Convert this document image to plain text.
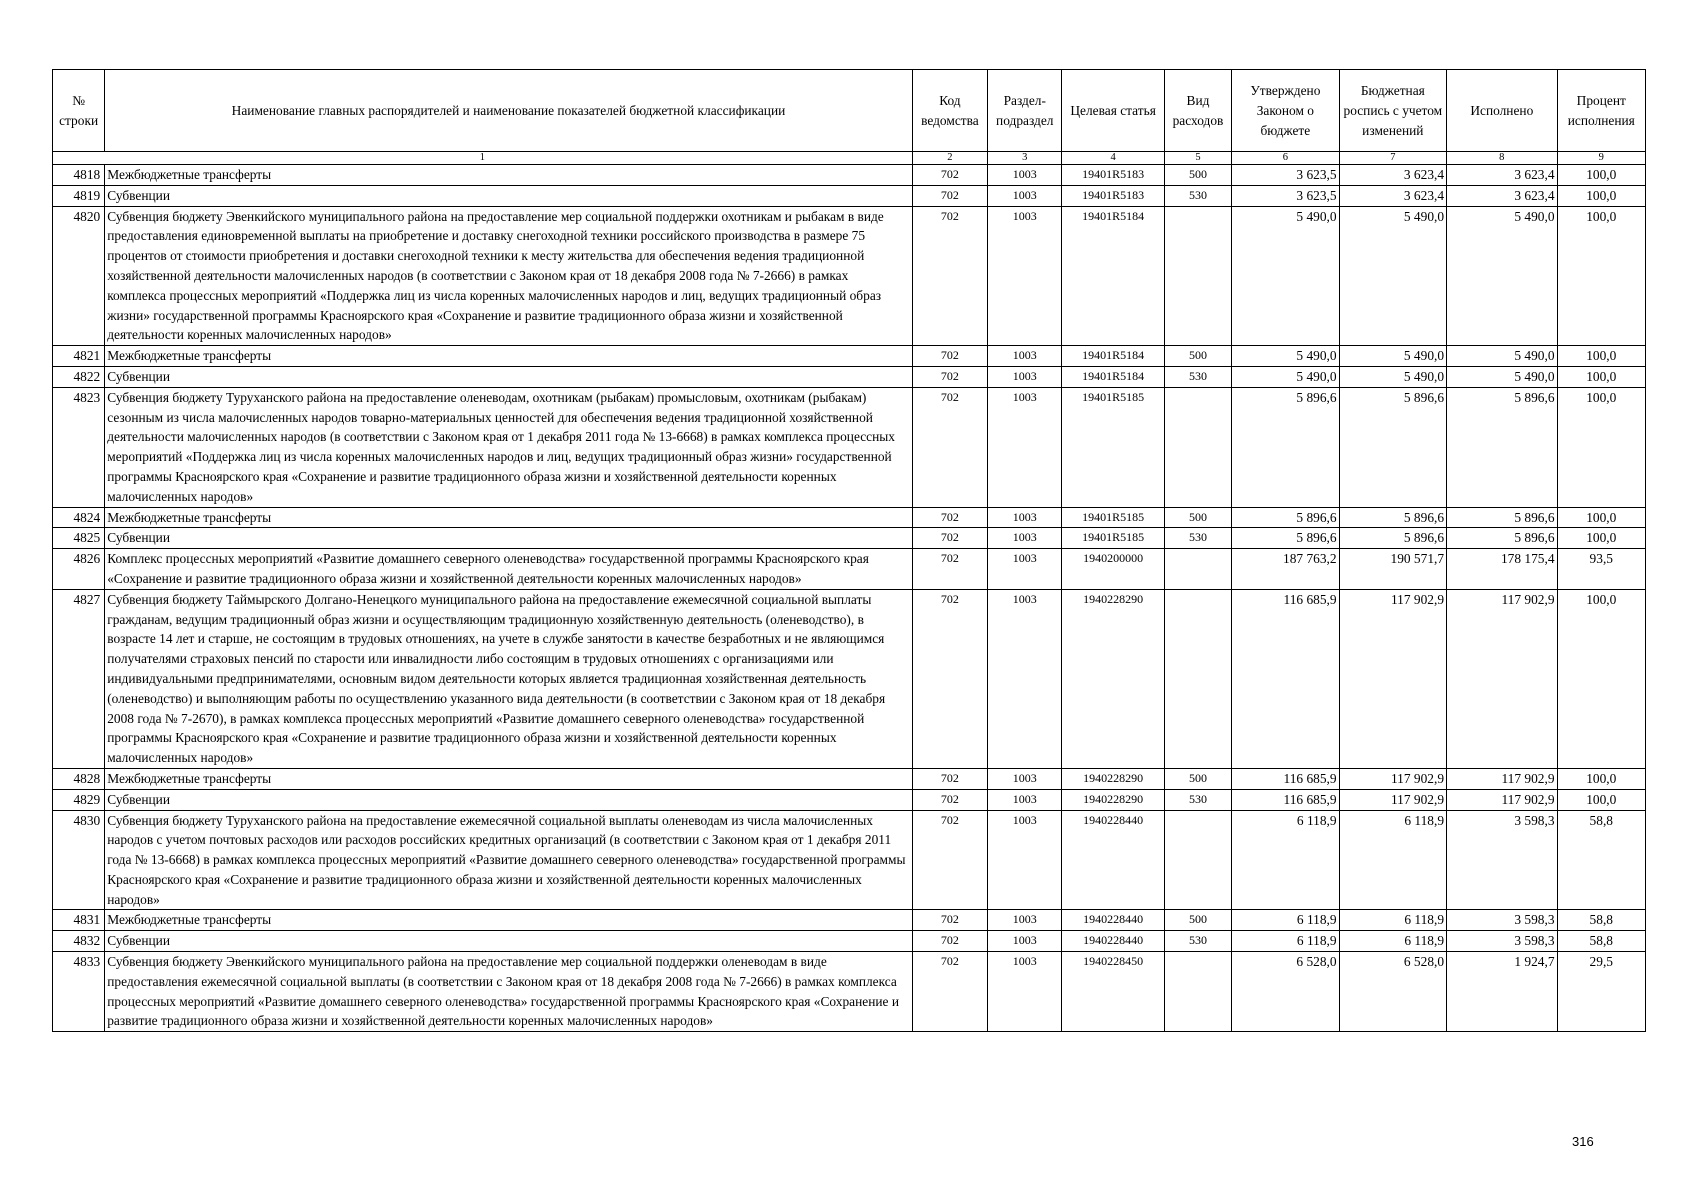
№ строки	Наименование главных распорядителей и наименование показателей бюджетной классификации	Код ведомства	Раздел-подраздел	Целевая статья	Вид расходов	Утверждено Законом о бюджете	Бюджетная роспись с учетом изменений	Исполнено	Процент исполнения
1		2	3	4	5	6	7	8	9
4818	Межбюджетные трансферты	702	1003	19401R5183	500	3 623,5	3 623,4	3 623,4	100,0
4819	Субвенции	702	1003	19401R5183	530	3 623,5	3 623,4	3 623,4	100,0
4820	Субвенция бюджету Эвенкийского муниципального района на предоставление мер социальной поддержки охотникам и рыбакам в виде предоставления единовременной выплаты на приобретение и доставку снегоходной техники российского производства в размере 75 процентов от стоимости приобретения и доставки снегоходной техники к месту жительства для обеспечения ведения традиционной хозяйственной деятельности малочисленных народов (в соответствии с Законом края от 18 декабря 2008 года № 7-2666) в рамках комплекса процессных мероприятий «Поддержка лиц из числа коренных малочисленных народов и лиц, ведущих традиционный образ жизни» государственной программы Красноярского края «Сохранение и развитие традиционного образа жизни и хозяйственной деятельности коренных малочисленных народов»	702	1003	19401R5184		5 490,0	5 490,0	5 490,0	100,0
4821	Межбюджетные трансферты	702	1003	19401R5184	500	5 490,0	5 490,0	5 490,0	100,0
4822	Субвенции	702	1003	19401R5184	530	5 490,0	5 490,0	5 490,0	100,0
4823	Субвенция бюджету Туруханского района на предоставление оленеводам, охотникам (рыбакам) промысловым, охотникам (рыбакам) сезонным из числа малочисленных народов товарно-материальных ценностей для обеспечения ведения традиционной хозяйственной деятельности малочисленных народов (в соответствии с Законом края от 1 декабря 2011 года № 13-6668) в рамках комплекса процессных мероприятий «Поддержка лиц из числа коренных малочисленных народов и лиц, ведущих традиционный образ жизни» государственной программы Красноярского края «Сохранение и развитие традиционного образа жизни и хозяйственной деятельности коренных малочисленных народов»	702	1003	19401R5185		5 896,6	5 896,6	5 896,6	100,0
4824	Межбюджетные трансферты	702	1003	19401R5185	500	5 896,6	5 896,6	5 896,6	100,0
4825	Субвенции	702	1003	19401R5185	530	5 896,6	5 896,6	5 896,6	100,0
4826	Комплекс процессных мероприятий «Развитие домашнего северного оленеводства» государственной программы Красноярского края «Сохранение и развитие традиционного образа жизни и хозяйственной деятельности коренных малочисленных народов»	702	1003	1940200000		187 763,2	190 571,7	178 175,4	93,5
4827	Субвенция бюджету Таймырского Долгано-Ненецкого муниципального района на предоставление ежемесячной социальной выплаты гражданам, ведущим традиционный образ жизни и осуществляющим традиционную хозяйственную деятельность (оленеводство), в возрасте 14 лет и старше, не состоящим в трудовых отношениях, на учете в службе занятости в качестве безработных и не являющимся получателями страховых пенсий по старости или инвалидности либо состоящим в трудовых отношениях с организациями или индивидуальными предпринимателями, основным видом деятельности которых является традиционная хозяйственная деятельность (оленеводство) и выполняющим работы по осуществлению указанного вида деятельности (в соответствии с Законом края от 18 декабря 2008 года № 7-2670), в рамках комплекса процессных мероприятий «Развитие домашнего северного оленеводства» государственной программы Красноярского края «Сохранение и развитие традиционного образа жизни и хозяйственной деятельности коренных малочисленных народов»	702	1003	1940228290		116 685,9	117 902,9	117 902,9	100,0
4828	Межбюджетные трансферты	702	1003	1940228290	500	116 685,9	117 902,9	117 902,9	100,0
4829	Субвенции	702	1003	1940228290	530	116 685,9	117 902,9	117 902,9	100,0
4830	Субвенция бюджету Туруханского района на предоставление ежемесячной социальной выплаты оленеводам из числа малочисленных народов с учетом почтовых расходов или расходов российских кредитных организаций (в соответствии с Законом края от 1 декабря 2011 года № 13-6668) в рамках комплекса процессных мероприятий «Развитие домашнего северного оленеводства» государственной программы Красноярского края «Сохранение и развитие традиционного образа жизни и хозяйственной деятельности коренных малочисленных народов»	702	1003	1940228440		6 118,9	6 118,9	3 598,3	58,8
4831	Межбюджетные трансферты	702	1003	1940228440	500	6 118,9	6 118,9	3 598,3	58,8
4832	Субвенции	702	1003	1940228440	530	6 118,9	6 118,9	3 598,3	58,8
4833	Субвенция бюджету Эвенкийского муниципального района на предоставление мер социальной поддержки оленеводам в виде предоставления ежемесячной социальной выплаты (в соответствии с Законом края от 18 декабря 2008 года № 7-2666) в рамках комплекса процессных мероприятий «Развитие домашнего северного оленеводства» государственной программы Красноярского края «Сохранение и развитие традиционного образа жизни и хозяйственной деятельности коренных малочисленных народов»	702	1003	1940228450		6 528,0	6 528,0	1 924,7	29,5
316
